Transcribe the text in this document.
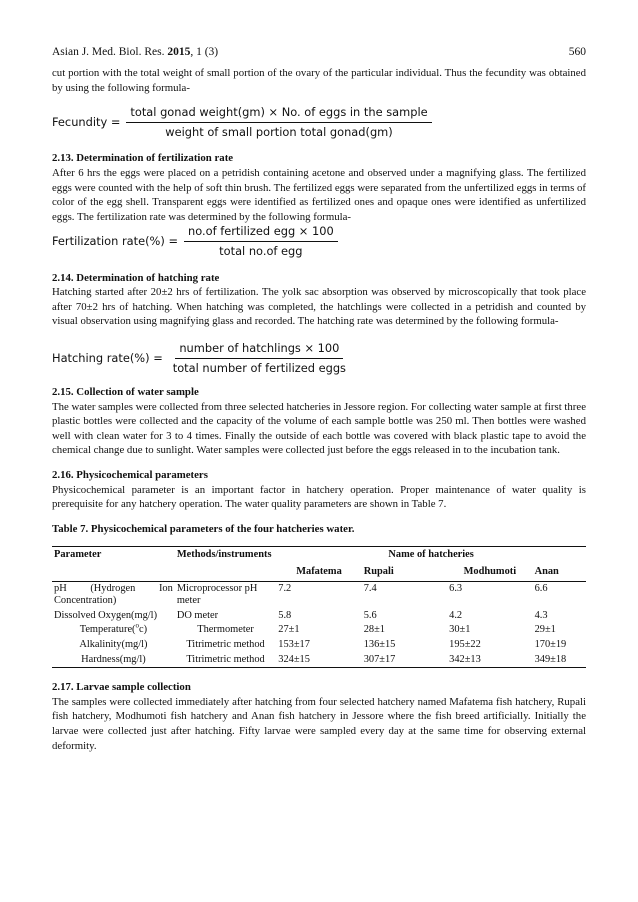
Asian J. Med. Biol. Res. 2015, 1 (3)	560

cut portion with the total weight of small portion of the ovary of the particular individual. Thus the fecundity was obtained by using the following formula-

Fecundity = $\frac{\text{total gonad weight(gm) × No. of eggs in the sample}}{\text{weight of small portion total gonad(gm)}}$

2.13. Determination of fertilization rate

After 6 hrs the eggs were placed on a petridish containing acetone and observed under a magnifying glass. The fertilized eggs were counted with the help of soft thin brush. The fertilized eggs were separated from the unfertilized eggs in terms of color of the egg shell. Transparent eggs were identified as fertilized ones and opaque ones were identified as unfertilized eggs. The fertilization rate was determined by the following formula-

Fertilization rate(%) = $\frac{\text{no.of fertilized egg × 100}}{\text{total no.of egg}}$

2.14. Determination of hatching rate

Hatching started after 20±2 hrs of fertilization. The yolk sac absorption was observed by microscopically that took place after 70±2 hrs of hatching. When hatching was completed, the hatchlings were collected in a petridish and counted by visual observation using magnifying glass and recorded. The hatching rate was determined by the following formula-

Hatching rate(%) = $\frac{\text{number of hatchlings × 100}}{\text{total number of fertilized eggs}}$

2.15. Collection of water sample

The water samples were collected from three selected hatcheries in Jessore region. For collecting water sample at first three plastic bottles were collected and the capacity of the volume of each sample bottle was 250 ml. Then bottles were washed well with clean water for 3 to 4 times. Finally the outside of each bottle was covered with black plastic tape to avoid the chemical change due to sunlight. Water samples were collected just before the eggs released in to the incubation tank.

2.16. Physicochemical parameters

Physicochemical parameter is an important factor in hatchery operation. Proper maintenance of water quality is prerequisite for any hatchery operation. The water quality parameters are shown in Table 7.

Table 7. Physicochemical parameters of the four hatcheries water.

Parameter	Methods/instruments	Name of hatcheries			
		Mafatema	Rupali	Modhumoti	Anan
pH (Hydrogen Ion Concentration)	Microprocessor pH meter	7.2	7.4	6.3	6.6
Dissolved Oxygen(mg/l)	DO meter	5.8	5.6	4.2	4.3
Temperature($^o$c)	Thermometer	27±1	28±1	30±1	29±1
Alkalinity(mg/l)	Titrimetric method	153±17	136±15	195±22	170±19
Hardness(mg/l)	Titrimetric method	324±15	307±17	342±13	349±18

2.17. Larvae sample collection

The samples were collected immediately after hatching from four selected hatchery named Mafatema fish hatchery, Rupali fish hatchery, Modhumoti fish hatchery and Anan fish hatchery in Jessore where the fish breed artificially. Initially the larvae were collected just after hatching. Fifty larvae were sampled every day at the same time for observing external deformity.
